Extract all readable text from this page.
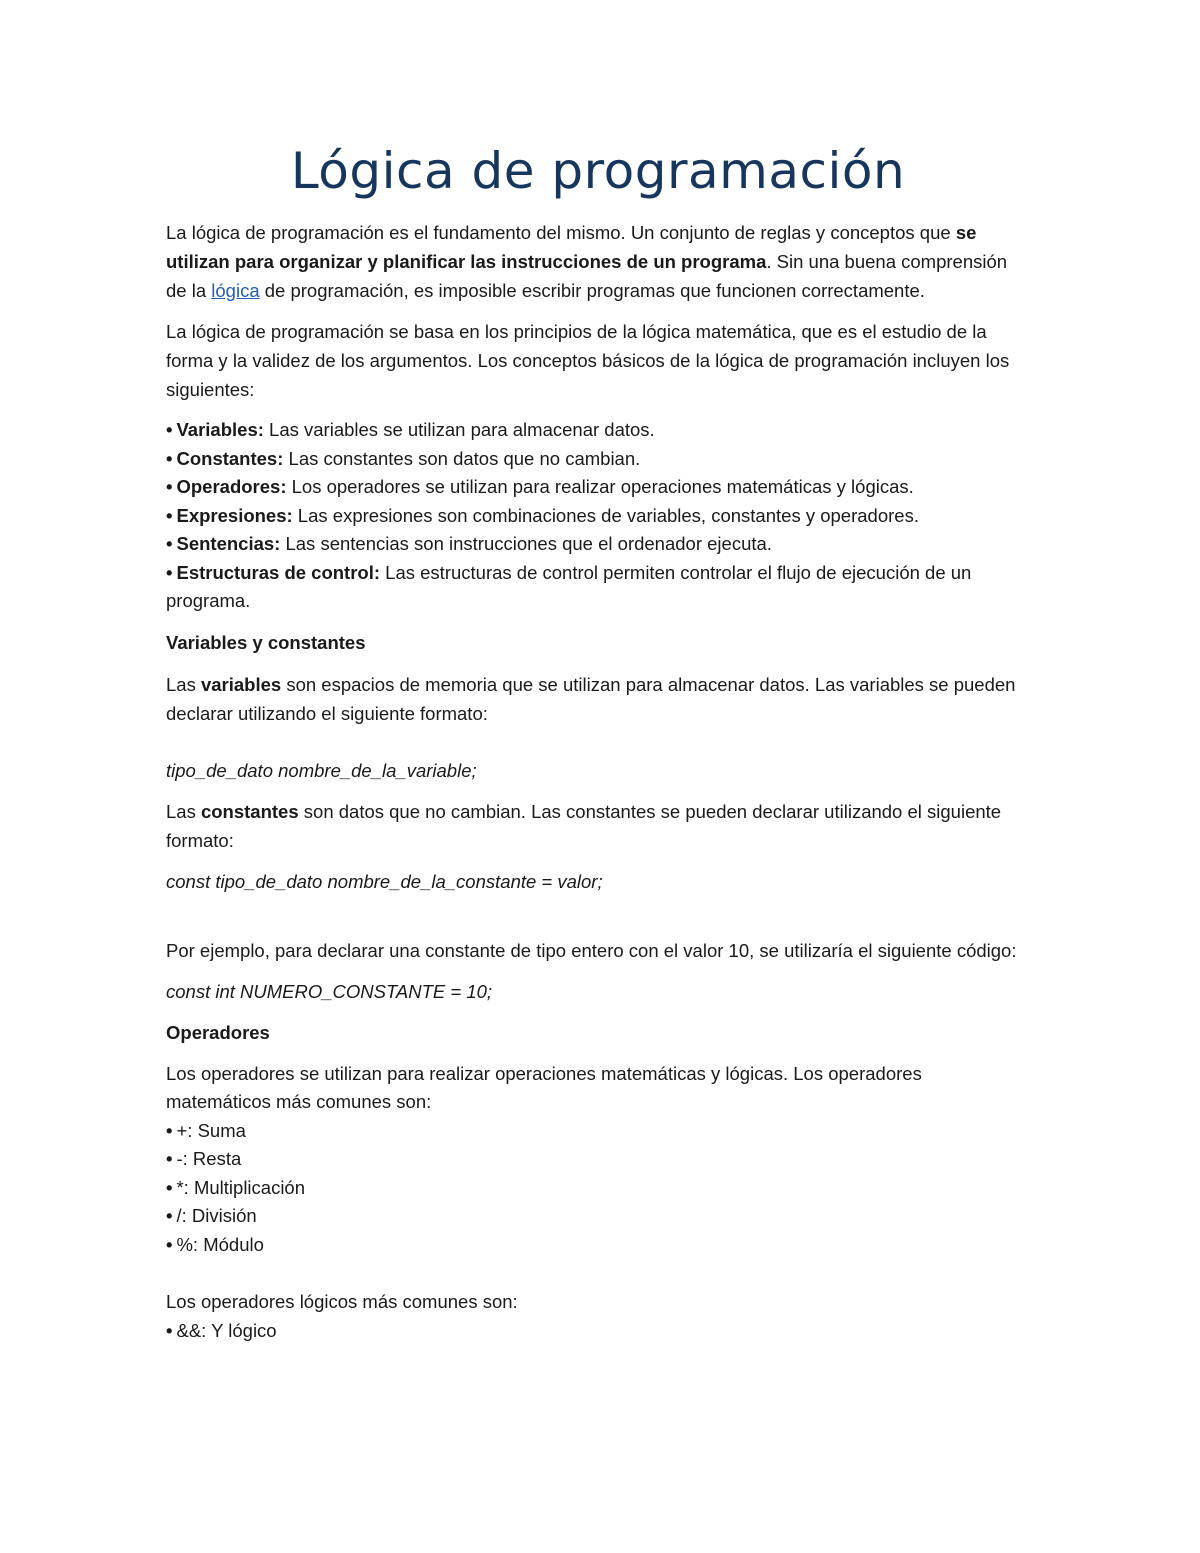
Lógica de programación

La lógica de programación es el fundamento del mismo. Un conjunto de reglas y conceptos que se utilizan para organizar y planificar las instrucciones de un programa. Sin una buena comprensión de la lógica de programación, es imposible escribir programas que funcionen correctamente.

La lógica de programación se basa en los principios de la lógica matemática, que es el estudio de la forma y la validez de los argumentos. Los conceptos básicos de la lógica de programación incluyen los siguientes:

• Variables: Las variables se utilizan para almacenar datos.
• Constantes: Las constantes son datos que no cambian.
• Operadores: Los operadores se utilizan para realizar operaciones matemáticas y lógicas.
• Expresiones: Las expresiones son combinaciones de variables, constantes y operadores.
• Sentencias: Las sentencias son instrucciones que el ordenador ejecuta.
• Estructuras de control: Las estructuras de control permiten controlar el flujo de ejecución de un programa.
Variables y constantes

Las variables son espacios de memoria que se utilizan para almacenar datos. Las variables se pueden declarar utilizando el siguiente formato:

tipo_de_dato nombre_de_la_variable;

Las constantes son datos que no cambian. Las constantes se pueden declarar utilizando el siguiente formato:

const tipo_de_dato nombre_de_la_constante = valor;

Por ejemplo, para declarar una constante de tipo entero con el valor 10, se utilizaría el siguiente código:

const int NUMERO_CONSTANTE = 10;

Operadores
Los operadores se utilizan para realizar operaciones matemáticas y lógicas. Los operadores matemáticos más comunes son:
• +: Suma
• -: Resta
• *: Multiplicación
• /: División
• %: Módulo
Los operadores lógicos más comunes son:
• &&: Y lógico
